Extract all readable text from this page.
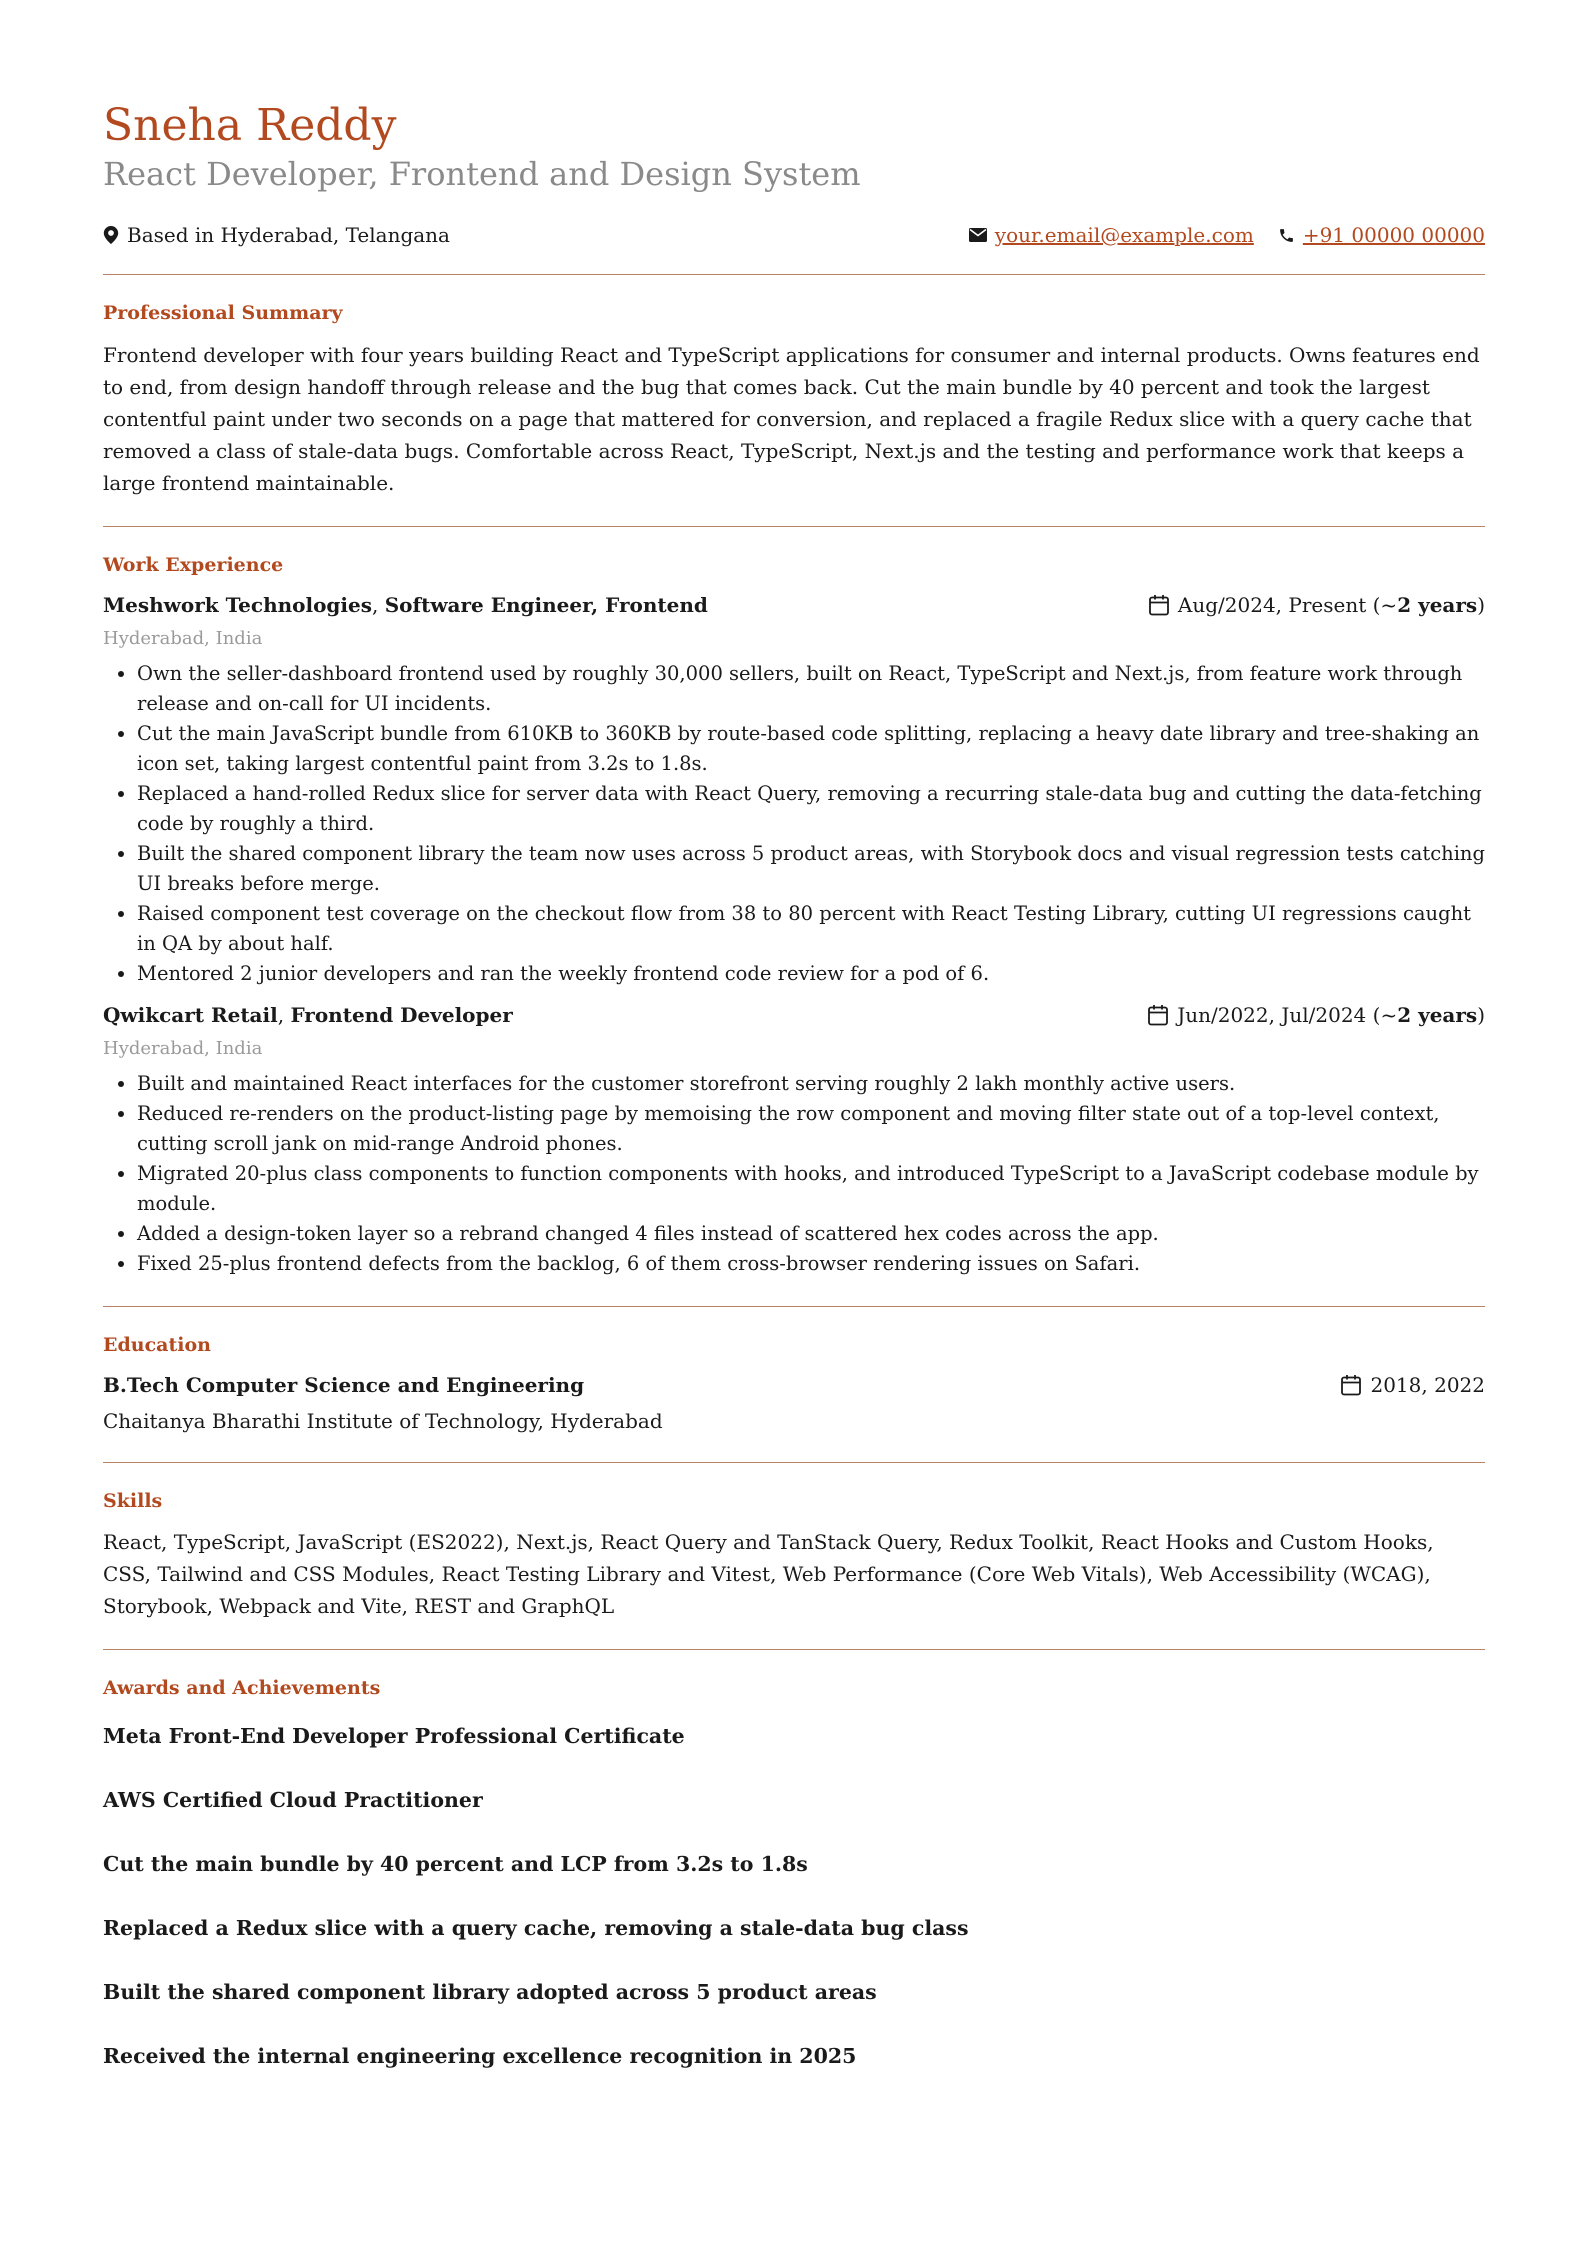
Sneha Reddy
React Developer, Frontend and Design System
Based in Hyderabad, Telangana	your.email@example.com +91 00000 00000
Professional Summary

Frontend developer with four years building React and TypeScript applications for consumer and internal products. Owns features end to end, from design handoff through release and the bug that comes back. Cut the main bundle by 40 percent and took the largest contentful paint under two seconds on a page that mattered for conversion, and replaced a fragile Redux slice with a query cache that removed a class of stale-data bugs. Comfortable across React, TypeScript, Next.js and the testing and performance work that keeps a large frontend maintainable.

Work Experience
Meshwork Technologies, Software Engineer, Frontend	Aug/2024, Present (~ 2 years )
Hyderabad, India
• Own the seller-dashboard frontend used by roughly 30,000 sellers, built on React, TypeScript and Next.js, from feature work through release and on-call for UI incidents.
• Cut the main JavaScript bundle from 610KB to 360KB by route-based code splitting, replacing a heavy date library and tree-shaking an icon set, taking largest contentful paint from 3.2s to 1.8s.
• Replaced a hand-rolled Redux slice for server data with React Query, removing a recurring stale-data bug and cutting the data-fetching code by roughly a third.
• Built the shared component library the team now uses across 5 product areas, with Storybook docs and visual regression tests catching UI breaks before merge.
• Raised component test coverage on the checkout flow from 38 to 80 percent with React Testing Library, cutting UI regressions caught in QA by about half.
• Mentored 2 junior developers and ran the weekly frontend code review for a pod of 6.
Qwikcart Retail, Frontend Developer	Jun/2022, Jul/2024 (~ 2 years )
Hyderabad, India
• Built and maintained React interfaces for the customer storefront serving roughly 2 lakh monthly active users.
• Reduced re-renders on the product-listing page by memoising the row component and moving filter state out of a top-level context, cutting scroll jank on mid-range Android phones.
• Migrated 20-plus class components to function components with hooks, and introduced TypeScript to a JavaScript codebase module by module.
• Added a design-token layer so a rebrand changed 4 files instead of scattered hex codes across the app.
• Fixed 25-plus frontend defects from the backlog, 6 of them cross-browser rendering issues on Safari.
Education
B.Tech Computer Science and Engineering	2018, 2022
Chaitanya Bharathi Institute of Technology, Hyderabad
Skills

React, TypeScript, JavaScript (ES2022), Next.js, React Query and TanStack Query, Redux Toolkit, React Hooks and Custom Hooks, CSS, Tailwind and CSS Modules, React Testing Library and Vitest, Web Performance (Core Web Vitals), Web Accessibility (WCAG), Storybook, Webpack and Vite, REST and GraphQL

Awards and Achievements
Meta Front-End Developer Professional Certificate
AWS Certified Cloud Practitioner
Cut the main bundle by 40 percent and LCP from 3.2s to 1.8s
Replaced a Redux slice with a query cache, removing a stale-data bug class
Built the shared component library adopted across 5 product areas
Received the internal engineering excellence recognition in 2025
